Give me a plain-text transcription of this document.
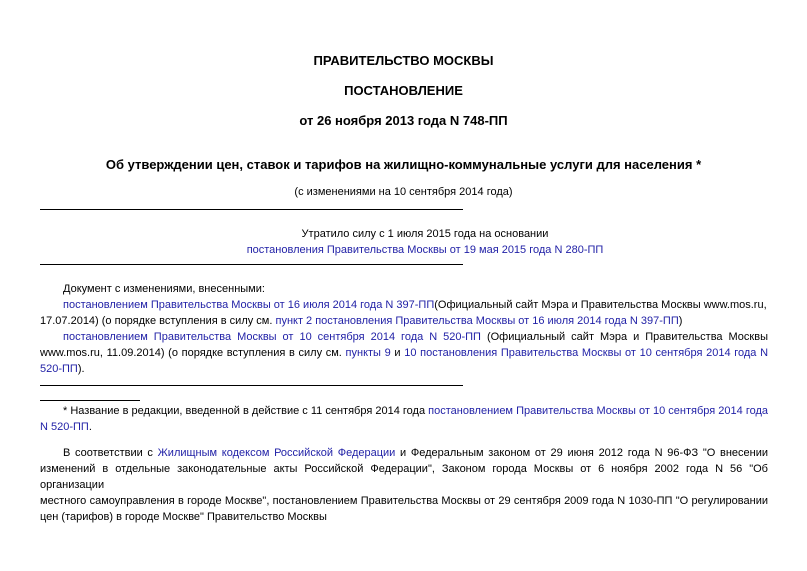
ПРАВИТЕЛЬСТВО МОСКВЫ
ПОСТАНОВЛЕНИЕ
от 26 ноября 2013 года N 748-ПП
Об утверждении цен, ставок и тарифов на жилищно-коммунальные услуги для населения *
(с изменениями на 10 сентября 2014 года)
Утратило силу с 1 июля 2015 года на основании
постановления Правительства Москвы от 19 мая 2015 года N 280-ПП
Документ с изменениями, внесенными:
постановлением Правительства Москвы от 16 июля 2014 года N 397-ПП(Официальный сайт Мэра и Правительства Москвы www.mos.ru,
17.07.2014) (о порядке вступления в силу см. пункт 2 постановления Правительства Москвы от 16 июля 2014 года N 397-ПП)
постановлением Правительства Москвы от 10 сентября 2014 года N 520-ПП (Официальный сайт Мэра и Правительства Москвы
www.mos.ru, 11.09.2014) (о порядке вступления в силу см. пункты 9 и 10 постановления Правительства Москвы от 10 сентября 2014 года N
520-ПП).
* Название в редакции, введенной в действие с 11 сентября 2014 года постановлением Правительства Москвы от 10 сентября 2014 года
N 520-ПП.
В соответствии с Жилищным кодексом Российской Федерации и Федеральным законом от 29 июня 2012 года N 96-ФЗ "О внесении
изменений в отдельные законодательные акты Российской Федерации", Законом города Москвы от 6 ноября 2002 года N 56 "Об организации
местного самоуправления в городе Москве", постановлением Правительства Москвы от 29 сентября 2009 года N 1030-ПП "О регулировании
цен (тарифов) в городе Москве" Правительство Москвы
